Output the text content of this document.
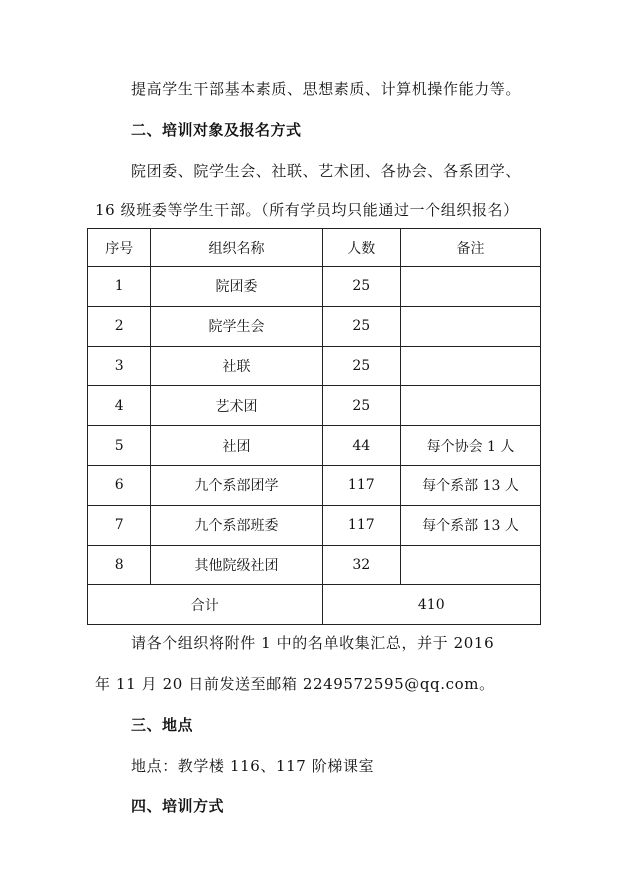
提高学生干部基本素质、思想素质、计算机操作能力等。
二、培训对象及报名方式
院团委、院学生会、社联、艺术团、各协会、各系团学、
16 级班委等学生干部。（所有学员均只能通过一个组织报名）
序号	组织名称	人数	备注
1	院团委	25	
2	院学生会	25	
3	社联	25	
4	艺术团	25	
5	社团	44	每个协会 1 人
6	九个系部团学	117	每个系部 13 人
7	九个系部班委	117	每个系部 13 人
8	其他院级社团	32	
合计		410	
请各个组织将附件 1 中的名单收集汇总，并于 2016
年 11 月 20 日前发送至邮箱 2249572595@qq.com。
三、地点
地点：教学楼 116、117 阶梯课室
四、培训方式
